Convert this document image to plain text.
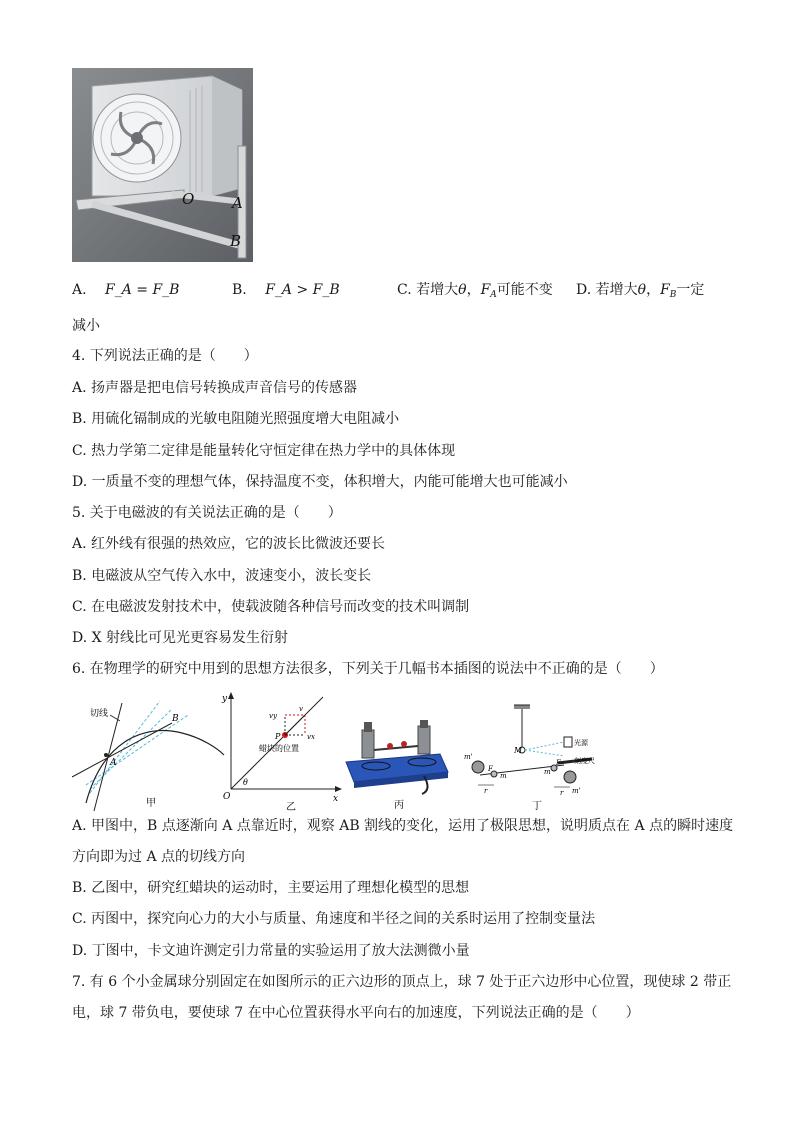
O	A
B
A. F_A = F_B	B. F_A > F_B	C. 若增大θ，$F_A$可能不变 D. 若增大θ，$F_B$一定
减小
4. 下列说法正确的是（　　）
A. 扬声器是把电信号转换成声音信号的传感器
B. 用硫化镉制成的光敏电阻随光照强度增大电阻减小
C. 热力学第二定律是能量转化守恒定律在热力学中的具体体现
D. 一质量不变的理想气体，保持温度不变，体积增大，内能可能增大也可能减小
5. 关于电磁波的有关说法正确的是（　　）
A. 红外线有很强的热效应，它的波长比微波还要长
B. 电磁波从空气传入水中，波速变小，波长变长
C. 在电磁波发射技术中，使载波随各种信号而改变的技术叫调制
D. X 射线比可见光更容易发生衍射
6. 在物理学的研究中用到的思想方法很多，下列关于几幅书本插图的说法中不正确的是（　　）
切线
A
B
甲
y
x
O
θ
P
vy
vx
v
蜡块的位置
乙	丙
M
光源
刻度尺
m'
m'
F
F
m	m
r	r
丁
A. 甲图中，B 点逐渐向 A 点靠近时，观察 AB 割线的变化，运用了极限思想，说明质点在 A 点的瞬时速度
方向即为过 A 点的切线方向
B. 乙图中，研究红蜡块的运动时，主要运用了理想化模型的思想
C. 丙图中，探究向心力的大小与质量、角速度和半径之间的关系时运用了控制变量法
D. 丁图中，卡文迪许测定引力常量的实验运用了放大法测微小量
7. 有 6 个小金属球分别固定在如图所示的正六边形的顶点上，球 7 处于正六边形中心位置，现使球 2 带正
电，球 7 带负电，要使球 7 在中心位置获得水平向右的加速度，下列说法正确的是（　　）
